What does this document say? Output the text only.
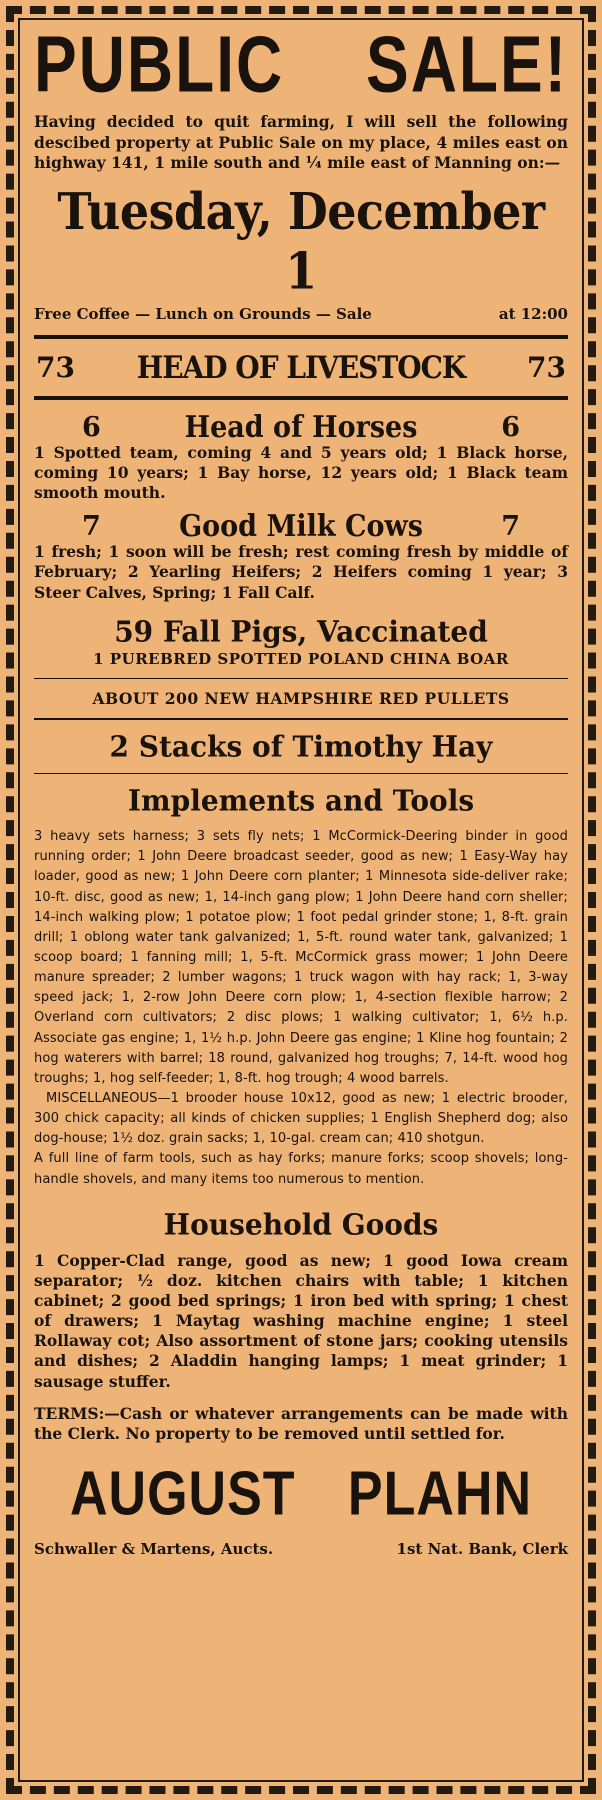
PUBLIC SALE!
Having decided to quit farming, I will sell the following descibed property at Public Sale on my place, 4 miles east on highway 141, 1 mile south and ¼ mile east of Manning on:—
Tuesday, December 1
Free Coffee — Lunch on Grounds — Sale	at 12:00
73 HEAD OF LIVESTOCK 73
6	Head of Horses	6
1 Spotted team, coming 4 and 5 years old; 1 Black horse, coming 10 years; 1 Bay horse, 12 years old; 1 Black team smooth mouth.
7	Good Milk Cows	7
1 fresh; 1 soon will be fresh; rest coming fresh by middle of February; 2 Yearling Heifers; 2 Heifers coming 1 year; 3 Steer Calves, Spring; 1 Fall Calf.
59 Fall Pigs, Vaccinated
1 PUREBRED SPOTTED POLAND CHINA BOAR
ABOUT 200 NEW HAMPSHIRE RED PULLETS
2 Stacks of Timothy Hay
Implements and Tools

3 heavy sets harness; 3 sets fly nets; 1 McCormick-Deering binder in good running order; 1 John Deere broadcast seeder, good as new; 1 Easy-Way hay loader, good as new; 1 John Deere corn planter; 1 Minnesota side-deliver rake; 10-ft. disc, good as new; 1, 14-inch gang plow; 1 John Deere hand corn sheller; 14-inch walking plow; 1 potatoe plow; 1 foot pedal grinder stone; 1, 8-ft. grain drill; 1 oblong water tank galvanized; 1, 5-ft. round water tank, galvanized; 1 scoop board; 1 fanning mill; 1, 5-ft. McCormick grass mower; 1 John Deere manure spreader; 2 lumber wagons; 1 truck wagon with hay rack; 1, 3-way speed jack; 1, 2-row John Deere corn plow; 1, 4-section flexible harrow; 2 Overland corn cultivators; 2 disc plows; 1 walking cultivator; 1, 6½ h.p. Associate gas engine; 1, 1½ h.p. John Deere gas engine; 1 Kline hog fountain; 2 hog waterers with barrel; 18 round, galvanized hog troughs; 7, 14-ft. wood hog troughs; 1, hog self-feeder; 1, 8-ft. hog trough; 4 wood barrels.

MISCELLANEOUS—1 brooder house 10x12, good as new; 1 electric brooder, 300 chick capacity; all kinds of chicken supplies; 1 English Shepherd dog; also dog-house; 1½ doz. grain sacks; 1, 10-gal. cream can; 410 shotgun.

A full line of farm tools, such as hay forks; manure forks; scoop shovels; long-handle shovels, and many items too numerous to mention.

Household Goods
1 Copper-Clad range, good as new; 1 good Iowa cream separator; ½ doz. kitchen chairs with table; 1 kitchen cabinet; 2 good bed springs; 1 iron bed with spring; 1 chest of drawers; 1 Maytag washing machine engine; 1 steel Rollaway cot; Also assortment of stone jars; cooking utensils and dishes; 2 Aladdin hanging lamps; 1 meat grinder; 1 sausage stuffer.
TERMS:—Cash or whatever arrangements can be made with the Clerk. No property to be removed until settled for.
AUGUST PLAHN
Schwaller & Martens, Aucts.	1st Nat. Bank, Clerk
